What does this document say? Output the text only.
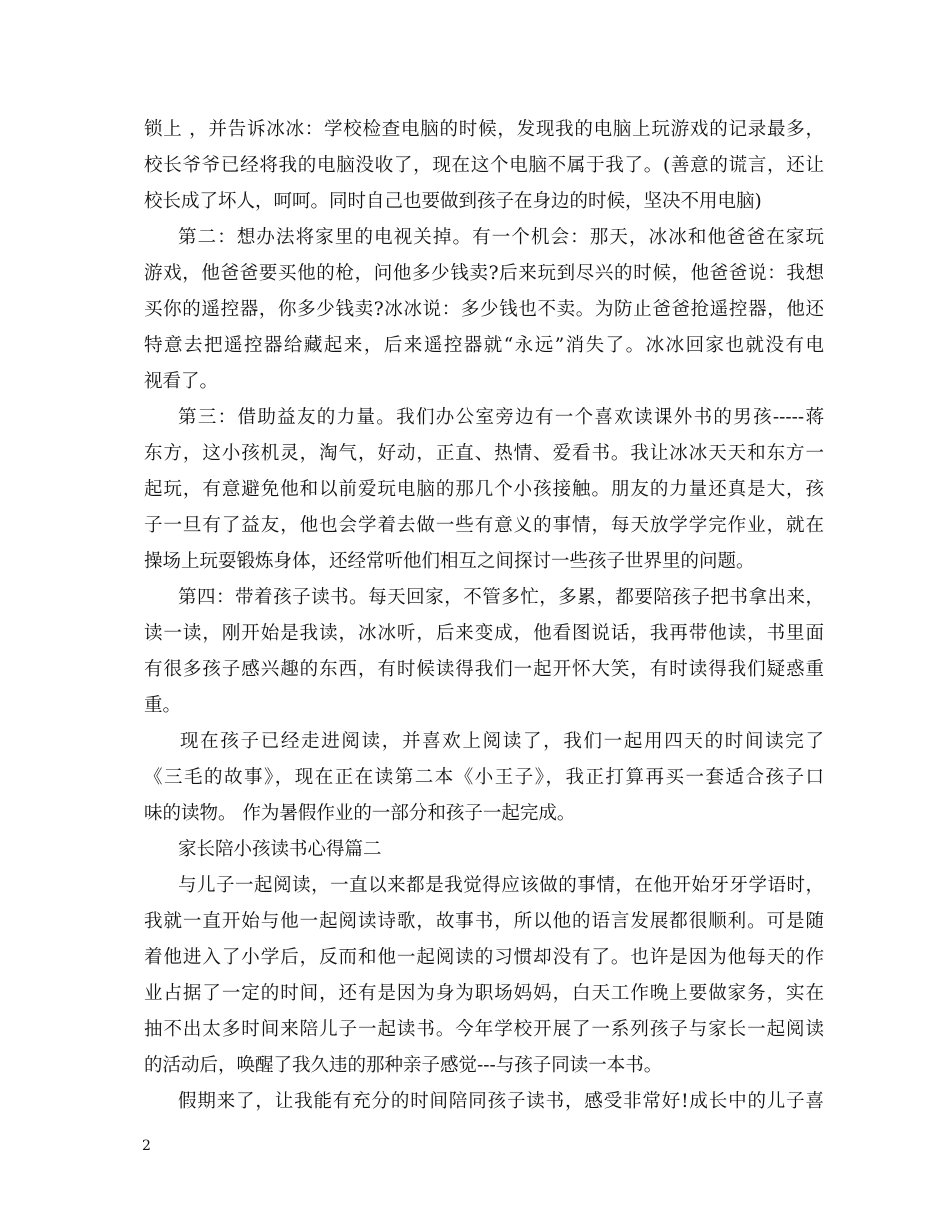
锁上 ，并告诉冰冰：学校检查电脑的时候，发现我的电脑上玩游戏的记录最多，
校长爷爷已经将我的电脑没收了，现在这个电脑不属于我了。(善意的谎言，还让
校长成了坏人，呵呵。同时自己也要做到孩子在身边的时候，坚决不用电脑)
第二：想办法将家里的电视关掉。有一个机会：那天，冰冰和他爸爸在家玩
游戏，他爸爸要买他的枪，问他多少钱卖?后来玩到尽兴的时候，他爸爸说：我想
买你的遥控器，你多少钱卖?冰冰说：多少钱也不卖。为防止爸爸抢遥控器，他还
特意去把遥控器给藏起来，后来遥控器就“永远”消失了。冰冰回家也就没有电
视看了。
第三：借助益友的力量。我们办公室旁边有一个喜欢读课外书的男孩-----蒋
东方，这小孩机灵，淘气，好动，正直、热情、爱看书。我让冰冰天天和东方一
起玩，有意避免他和以前爱玩电脑的那几个小孩接触。朋友的力量还真是大，孩
子一旦有了益友，他也会学着去做一些有意义的事情，每天放学学完作业，就在
操场上玩耍锻炼身体，还经常听他们相互之间探讨一些孩子世界里的问题。
第四：带着孩子读书。每天回家，不管多忙，多累，都要陪孩子把书拿出来，
读一读，刚开始是我读，冰冰听，后来变成，他看图说话，我再带他读，书里面
有很多孩子感兴趣的东西，有时候读得我们一起开怀大笑，有时读得我们疑惑重
重。
现在孩子已经走进阅读，并喜欢上阅读了，我们一起用四天的时间读完了
《三毛的故事》，现在正在读第二本《小王子》，我正打算再买一套适合孩子口
味的读物。 作为暑假作业的一部分和孩子一起完成。
家长陪小孩读书心得篇二
与儿子一起阅读，一直以来都是我觉得应该做的事情，在他开始牙牙学语时，
我就一直开始与他一起阅读诗歌，故事书，所以他的语言发展都很顺利。可是随
着他进入了小学后，反而和他一起阅读的习惯却没有了。也许是因为他每天的作
业占据了一定的时间，还有是因为身为职场妈妈，白天工作晚上要做家务，实在
抽不出太多时间来陪儿子一起读书。今年学校开展了一系列孩子与家长一起阅读
的活动后，唤醒了我久违的那种亲子感觉---与孩子同读一本书。
假期来了，让我能有充分的时间陪同孩子读书，感受非常好!成长中的儿子喜
2
